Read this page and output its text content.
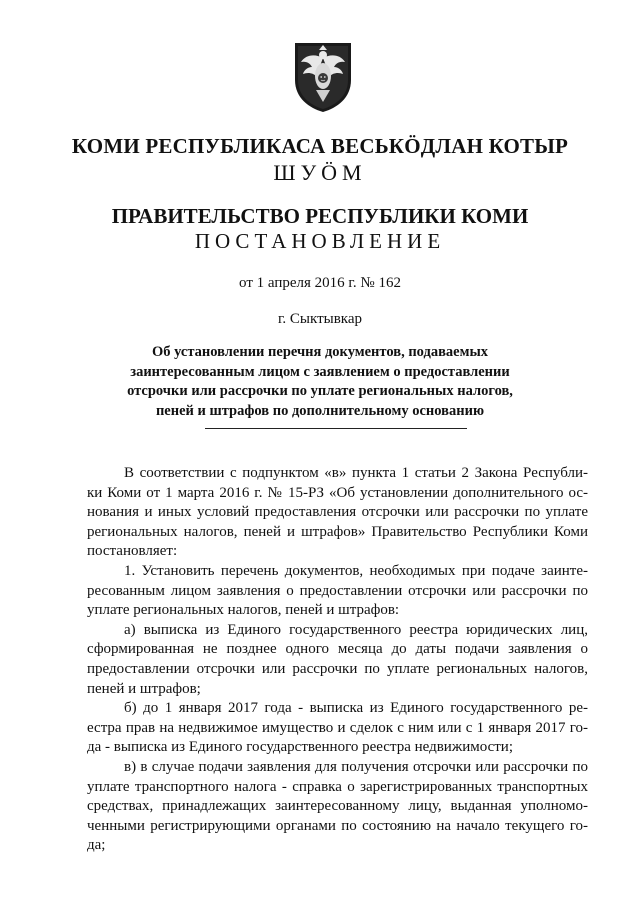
КОМИ РЕСПУБЛИКАСА ВЕСЬКӦДЛАН КОТЫР
ШУӦМ
ПРАВИТЕЛЬСТВО РЕСПУБЛИКИ КОМИ
ПОСТАНОВЛЕНИЕ
от 1 апреля 2016 г. № 162
г. Сыктывкар
Об установлении перечня документов, подаваемых
заинтересованным лицом с заявлением о предоставлении
отсрочки или рассрочки по уплате региональных налогов,
пеней и штрафов по дополнительному основанию
В соответствии с подпунктом «в» пункта 1 статьи 2 Закона Республи-
ки Коми от 1 марта 2016 г. № 15-РЗ «Об установлении дополнительного ос-
нования и иных условий предоставления отсрочки или рассрочки по уплате
региональных налогов, пеней и штрафов» Правительство Республики Коми
постановляет:
1. Установить перечень документов, необходимых при подаче заинте-
ресованным лицом заявления о предоставлении отсрочки или рассрочки по
уплате региональных налогов, пеней и штрафов:
а) выписка из Единого государственного реестра юридических лиц,
сформированная не позднее одного месяца до даты подачи заявления о
предоставлении отсрочки или рассрочки по уплате региональных налогов,
пеней и штрафов;
б) до 1 января 2017 года - выписка из Единого государственного ре-
естра прав на недвижимое имущество и сделок с ним или с 1 января 2017 го-
да - выписка из Единого государственного реестра недвижимости;
в) в случае подачи заявления для получения отсрочки или рассрочки по
уплате транспортного налога - справка о зарегистрированных транспортных
средствах, принадлежащих заинтересованному лицу, выданная уполномо-
ченными регистрирующими органами по состоянию на начало текущего го-
да;
